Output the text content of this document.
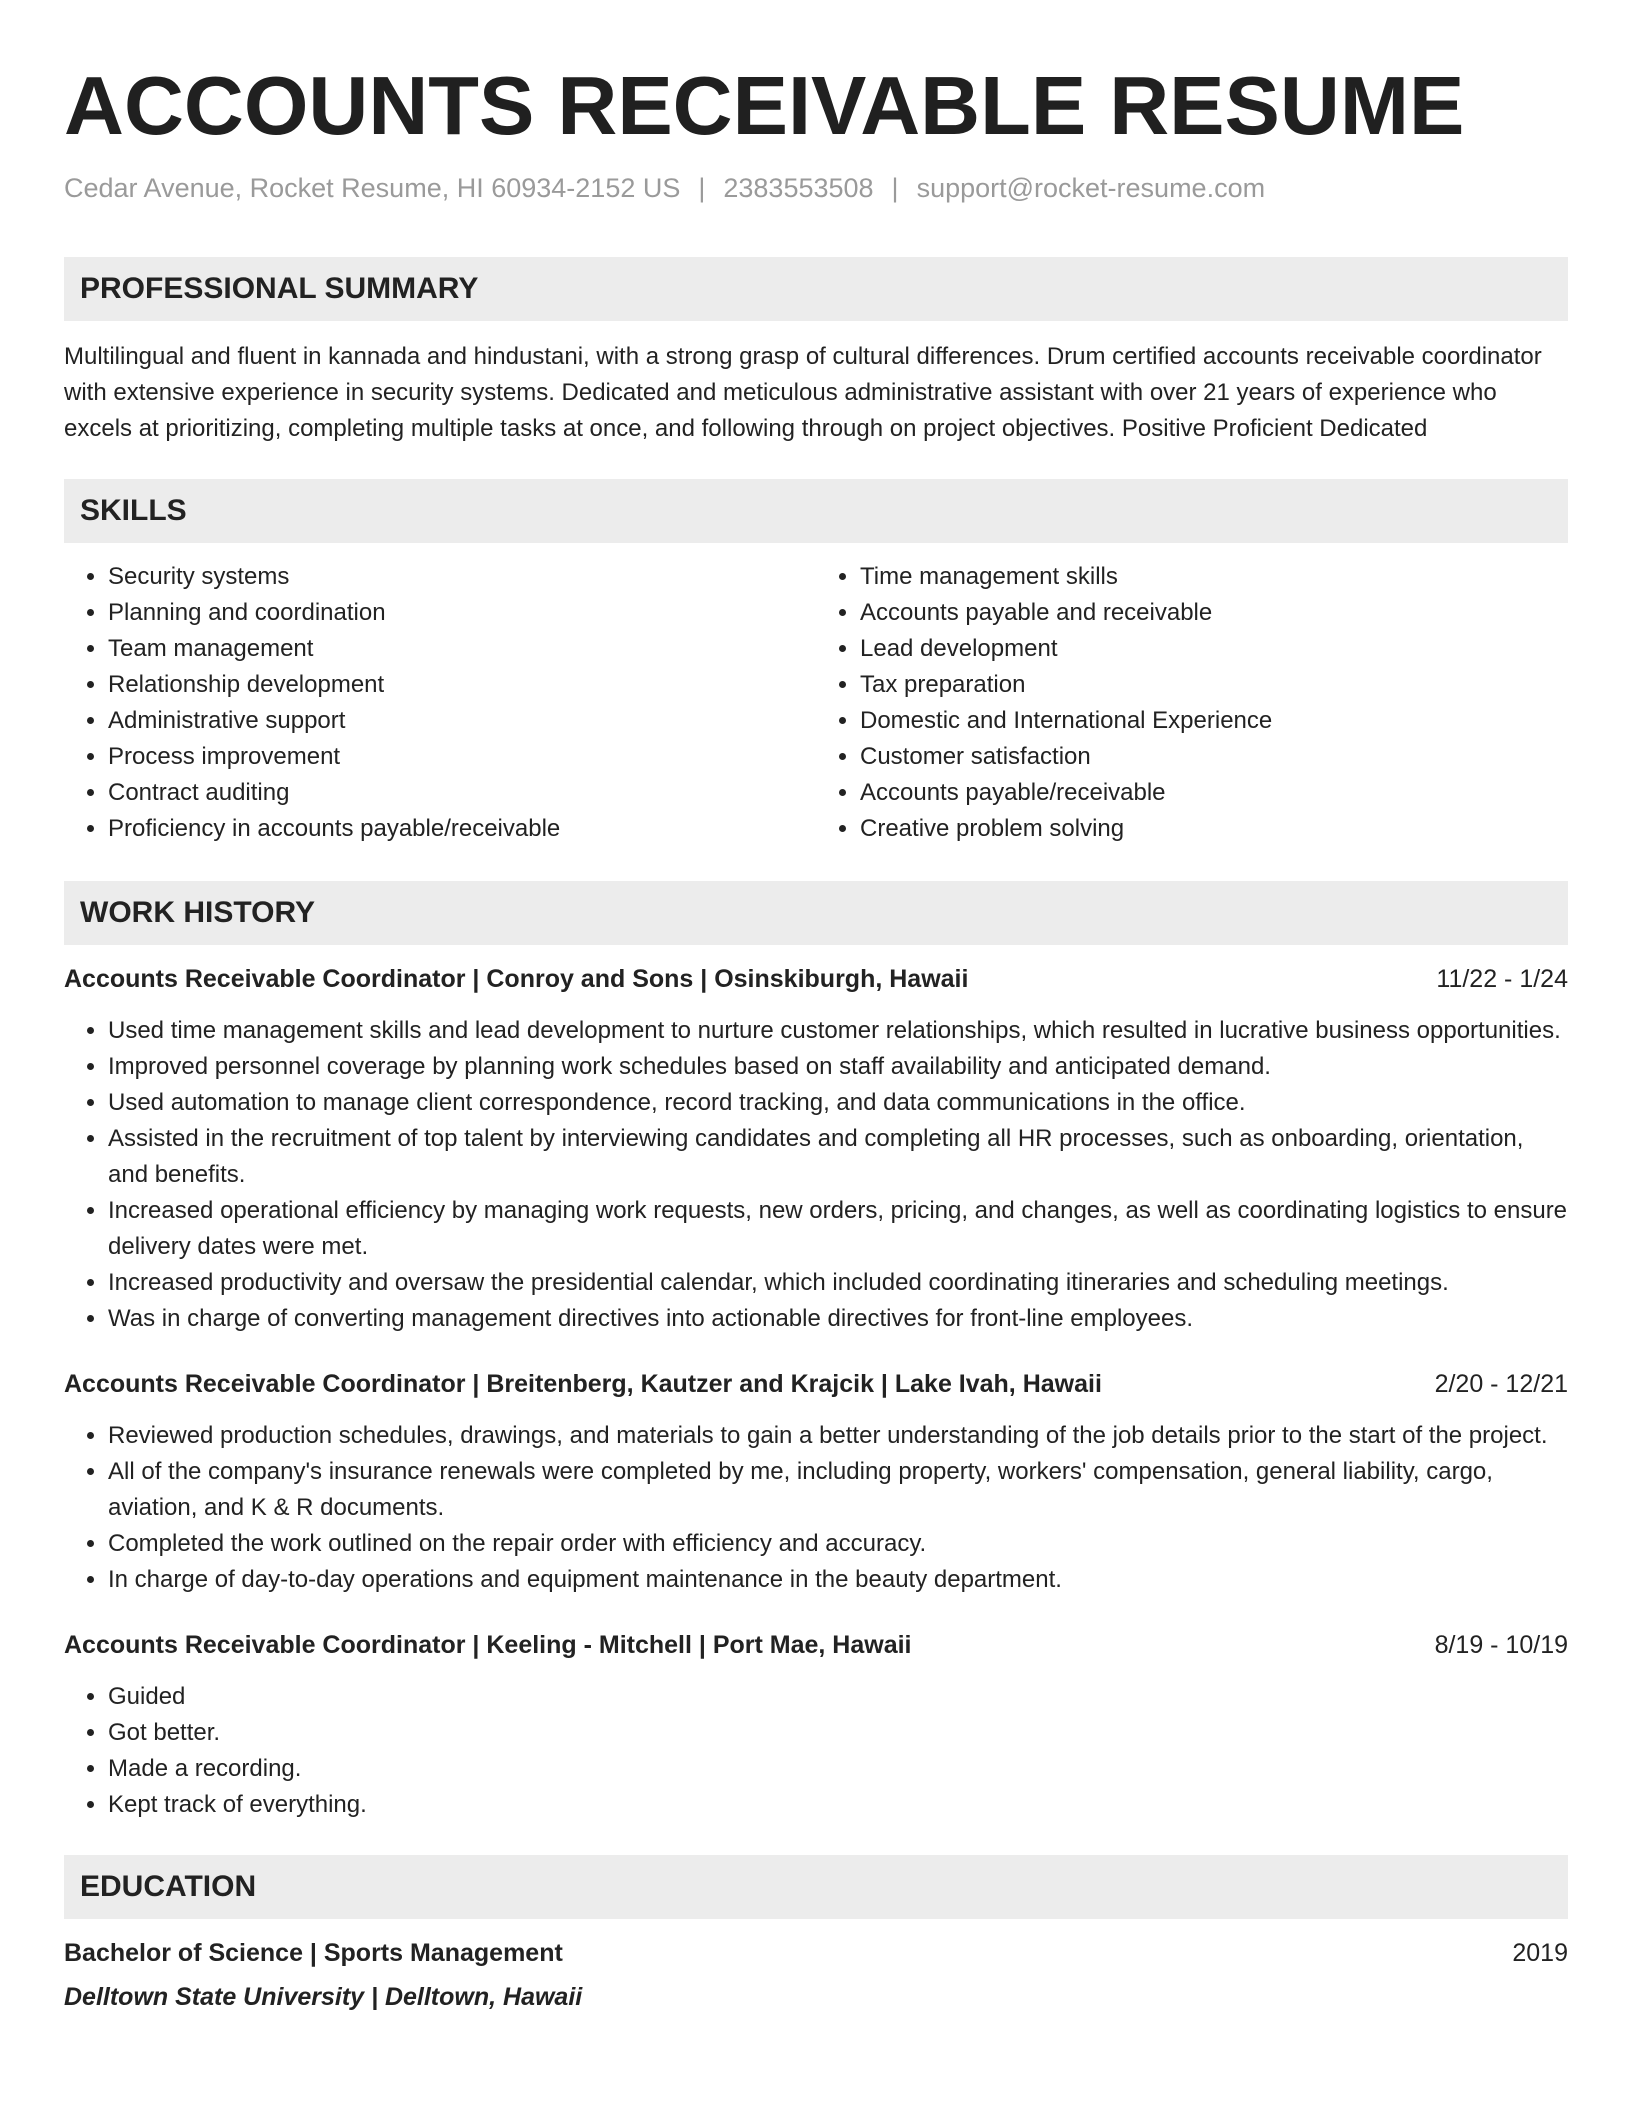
ACCOUNTS RECEIVABLE RESUME
Cedar Avenue, Rocket Resume, HI 60934-2152 US | 2383553508 | support@rocket-resume.com
PROFESSIONAL SUMMARY

Multilingual and fluent in kannada and hindustani, with a strong grasp of cultural differences. Drum certified accounts receivable coordinator with extensive experience in security systems. Dedicated and meticulous administrative assistant with over 21 years of experience who excels at prioritizing, completing multiple tasks at once, and following through on project objectives. Positive Proficient Dedicated

SKILLS
• Security systems
• Planning and coordination
• Team management
• Relationship development
• Administrative support
• Process improvement
• Contract auditing
• Proficiency in accounts payable/receivable
• Time management skills
• Accounts payable and receivable
• Lead development
• Tax preparation
• Domestic and International Experience
• Customer satisfaction
• Accounts payable/receivable
• Creative problem solving
WORK HISTORY
Accounts Receivable Coordinator | Conroy and Sons | Osinskiburgh, Hawaii	11/22 - 1/24
• Used time management skills and lead development to nurture customer relationships, which resulted in lucrative business opportunities.
• Improved personnel coverage by planning work schedules based on staff availability and anticipated demand.
• Used automation to manage client correspondence, record tracking, and data communications in the office.
• Assisted in the recruitment of top talent by interviewing candidates and completing all HR processes, such as onboarding, orientation, and benefits.
• Increased operational efficiency by managing work requests, new orders, pricing, and changes, as well as coordinating logistics to ensure delivery dates were met.
• Increased productivity and oversaw the presidential calendar, which included coordinating itineraries and scheduling meetings.
• Was in charge of converting management directives into actionable directives for front-line employees.
Accounts Receivable Coordinator | Breitenberg, Kautzer and Krajcik | Lake Ivah, Hawaii	2/20 - 12/21
• Reviewed production schedules, drawings, and materials to gain a better understanding of the job details prior to the start of the project.
• All of the company's insurance renewals were completed by me, including property, workers' compensation, general liability, cargo, aviation, and K & R documents.
• Completed the work outlined on the repair order with efficiency and accuracy.
• In charge of day-to-day operations and equipment maintenance in the beauty department.
Accounts Receivable Coordinator | Keeling - Mitchell | Port Mae, Hawaii	8/19 - 10/19
• Guided
• Got better.
• Made a recording.
• Kept track of everything.
EDUCATION
Bachelor of Science | Sports Management	2019
Delltown State University | Delltown, Hawaii
